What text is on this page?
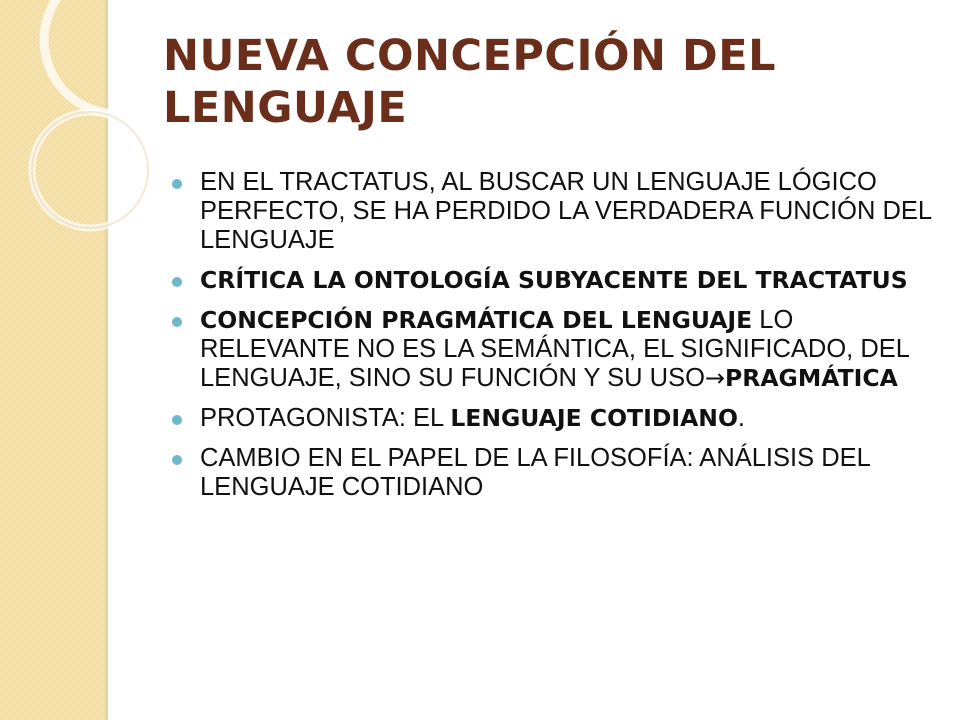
NUEVA CONCEPCIÓN DEL LENGUAJE
EN EL TRACTATUS, AL BUSCAR UN LENGUAJE LÓGICO PERFECTO, SE HA PERDIDO LA VERDADERA FUNCIÓN DEL LENGUAJE
CRÍTICA LA ONTOLOGÍA SUBYACENTE DEL TRACTATUS
CONCEPCIÓN PRAGMÁTICA DEL LENGUAJE LO RELEVANTE NO ES LA SEMÁNTICA, EL SIGNIFICADO, DEL LENGUAJE, SINO SU FUNCIÓN Y SU USO→PRAGMÁTICA
PROTAGONISTA: EL LENGUAJE COTIDIANO.
CAMBIO EN EL PAPEL DE LA FILOSOFÍA: ANÁLISIS DEL LENGUAJE COTIDIANO
